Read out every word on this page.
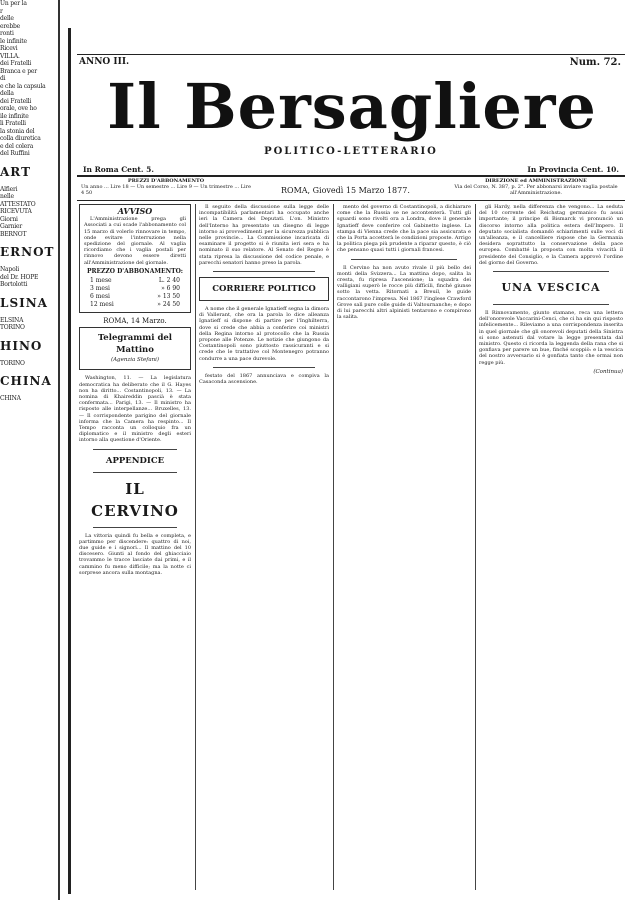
Un per la
r
delle
erebbe
ronti
le infinite
Ricevi
VILLA.
dei Fratelli
Branca e per
di
e che la capsula
della
dei Fratelli
orale, ove ho
ile infinite
li Fratelli
la stonia del
colla diuretica
e del colera
del Ruffini
ART
Alfieri
nelle
ATTESTATO
RICEVUTA
Giorni
Garnier
BERNOT
ERNOT
Napoli
del Dr. HOPE
Bortolotti
LSINA
ELSINA
TORINO
HINO
TORINO
CHINA
CHINA
ANNO III.	Num. 72.
Il Bersagliere
POLITICO-LETTERARIO
In Roma Cent. 5.	In Provincia Cent. 10.
PREZZI D'ABBONAMENTO
Un anno ... Lire 18 — Un semestre ... Lire 9 — Un trimestre ... Lire 4 50	ROMA, Giovedì 15 Marzo 1877.
DIREZIONE ed AMMINISTRAZIONE
Via del Corso, N. 387, p. 2°. Per abbonarsi inviare vaglia postale all'Amministrazione.
AVVISO

L'Amministrazione prega gli Associati a cui scade l'abbonamento col 15 marzo di volerlo rinnovare in tempo, onde evitare l'interruzione nella spedizione del giornale. Al vaglia ricordiamo che i vaglia postali per rinnovo devono essere diretti all'Amministrazione del giornale.

PREZZO D'ABBONAMENTO:
1 mese	L. 2 40
3 mesi	» 6 90
6 mesi	» 13 50
12 mesi	» 24 50
ROMA, 14 Marzo.
Telegrammi del Mattino
(Agenzia Stefani)

Washington, 11. — La legislatura democratica ha deliberato che il G. Hayes non ha diritto... Costantinopoli, 13. — La nomina di Khaireddin pascià è stata confermata... Parigi, 13. — Il ministro ha risposto alle interpellanze... Bruxelles, 13. — Il corrispondente parigino del giornale informa che la Camera ha respinto... Il Tempo racconta un colloquio fra un diplomatico e il ministro degli esteri intorno alla questione d'Oriente.

APPENDICE
IL CERVINO

La vittoria quindi fu bella e completa, e partimmo per discendere: quattro di noi, due guide e i signori... Il mattino del 10 discesero. Giunti al fondo del ghiacciaio trovammo le tracce lasciate dai primi, e il cammino fu meno difficile; ma la notte ci sorprese ancora sulla montagna.

Il seguito della discussione sulla legge delle incompatibilità parlamentari ha occupato anche ieri la Camera dei Deputati. L'on. Ministro dell'Interno ha presentato un disegno di legge intorno ai provvedimenti per la sicurezza pubblica nelle provincie... La Commissione incaricata di esaminare il progetto si è riunita ieri sera e ha nominato il suo relatore. Al Senato del Regno è stata ripresa la discussione del codice penale, e parecchi senatori hanno preso la parola.

CORRIERE POLITICO

A nome che il generale Ignatieff segna la dimora di Vallerant, che ora la parola lo dice alleanza Ignatieff si dispone di partire per l'Inghilterra, dove si crede che abbia a conferire coi ministri della Regina intorno al protocollo che la Russia propone alle Potenze. Le notizie che giungono da Costantinopoli sono piuttosto rassicuranti e si crede che le trattative col Montenegro potranno condurre a una pace durevole.

festato del 1867 annunciava e compiva la Casaconda ascensione.

mento del governo di Costantinopoli, a dichiarare come che la Russia se ne accontenterà. Tutti gli sguardi sono rivolti ora a Londra, dove il generale Ignatieff deve conferire col Gabinetto inglese. La stampa di Vienna crede che la pace sia assicurata e che la Porta accetterà le condizioni proposte. Arrigo la politica piega più prudente a riparar questo, è ciò che pensano quasi tutti i giornali francesi.

Il Cervino ha non avuto rivale il più bello dei monti della Svizzera... La mattina dopo, salita la cresta, fu ripresa l'ascensione; la squadra dei valligiani superò le rocce più difficili, finché giunse sotto la vetta. Ritornati a Breuil, le guide raccontarono l'impresa. Nel 1867 l'inglese Crawford Grove salì pure colle guide di Valtournanche; e dopo di lui parecchi altri alpinisti tentarono e compirono la salita.

gli Hardy, nella differenza che vengono... La seduta del 10 corrente del Reichstag germanico fu assai importante; il principe di Bismarck vi pronunciò un discorso intorno alla politica estera dell'Impero. Il deputato socialista domandò schiarimenti sulle voci di un'alleanza, e il cancelliere rispose che la Germania desidera soprattutto la conservazione della pace europea. Combatté la proposta con molta vivacità il presidente del Consiglio, e la Camera approvò l'ordine del giorno del Governo.

UNA VESCICA

Il Rinnovamento, giunto stamane, reca una lettera dell'onorevole Vaccarini-Cenci, che ci ha sin qui risposto infelicemente... Rileviamo a una corrispondenza inserita in quel giornale che gli onorevoli deputati della Sinistra si sono astenuti dal votare la legge presentata dal ministro. Questo ci ricorda la leggenda della rana che si gonfiava per parere un bue, finché scoppiò: e la vescica del nostro avversario si è gonfiata tanto che ormai non regge più.

(Continua)
